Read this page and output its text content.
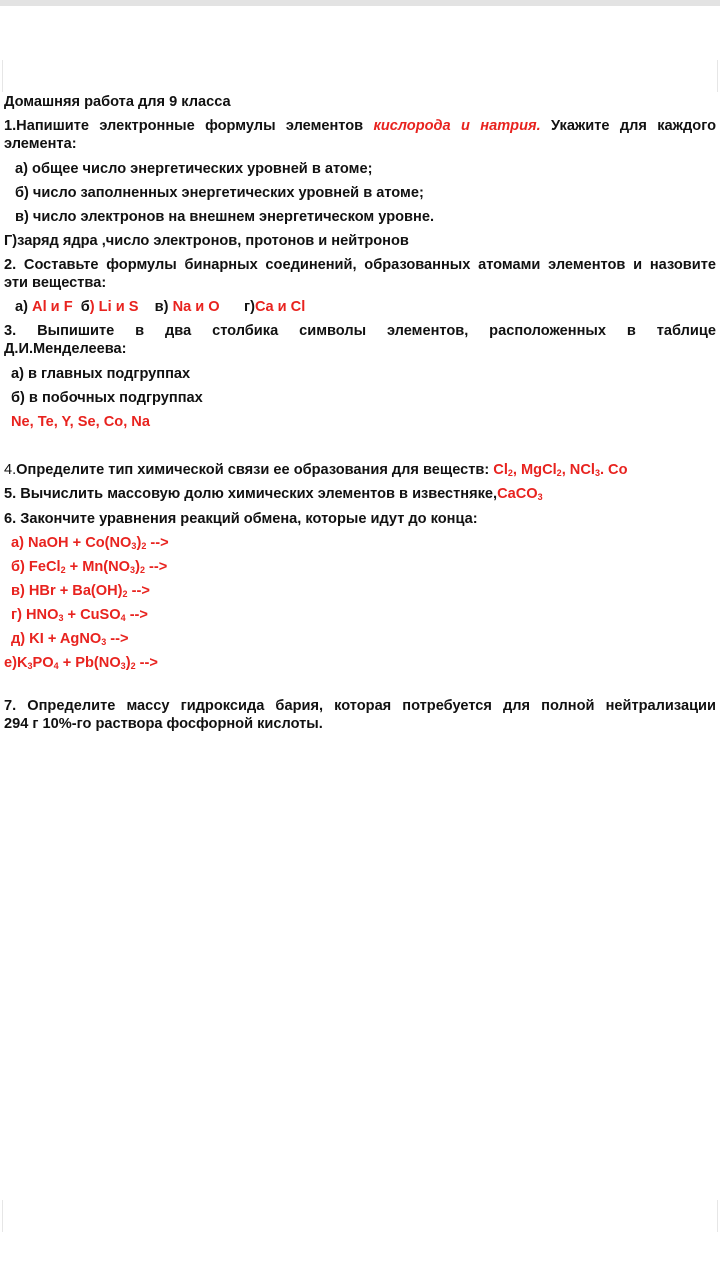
Домашняя работа для 9 класса
1.Напишите электронные формулы элементов кислорода и натрия. Укажите для каждого
элемента:
а) общее число энергетических уровней в атоме;
б) число заполненных энергетических уровней в атоме;
в) число электронов на внешнем энергетическом уровне.
Г)заряд ядра ,число электронов, протонов и нейтронов
2. Составьте формулы бинарных соединений, образованных атомами элементов и назовите
эти вещества:
а) Al и F б) Li и S в) Na и O г)Ca и Cl
3. Выпишите в два столбика символы элементов, расположенных в таблице
Д.И.Менделеева:
а) в главных подгруппах
б) в побочных подгруппах
Ne, Te, Y, Se, Co, Na
4.Определите тип химической связи ее образования для веществ: $Cl_2$, MgCl$_2$, NCl$_3$. Co
5. Вычислить массовую долю химических элементов в известняке,CaCO$_3$
6. Закончите уравнения реакций обмена, которые идут до конца:
а) NaOH + $Co(NO_3)_2$ -->
б) FeCl$_2$ + $Mn(NO_3)_2$ -->
в) HBr + $Ba(OH)_2$ -->
г) $HNO_3$ + CuSO$_4$ -->
д) KI + AgNO$_3$ -->
$е)K_3PO_4 + Pb(NO_3)_2$ -->
7. Определите массу гидроксида бария, которая потребуется для полной нейтрализации
294 г 10%-го раствора фосфорной кислоты.
